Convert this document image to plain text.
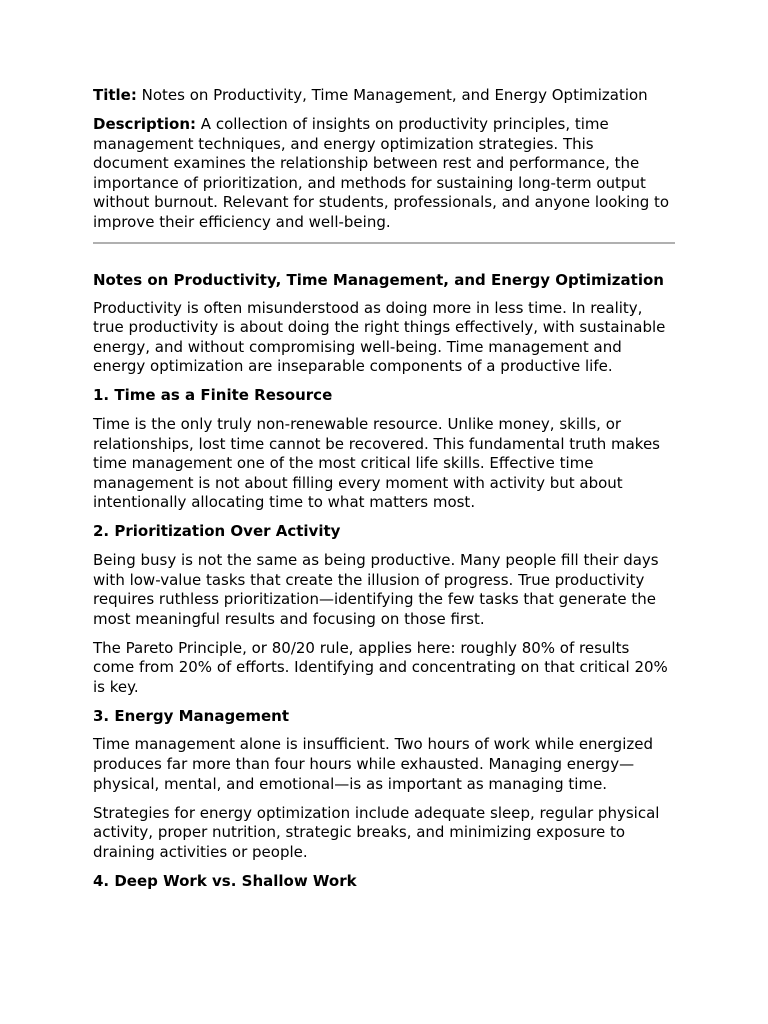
Title: Notes on Productivity, Time Management, and Energy Optimization

Description: A collection of insights on productivity principles, time management techniques, and energy optimization strategies. This document examines the relationship between rest and performance, the importance of prioritization, and methods for sustaining long-term output without burnout. Relevant for students, professionals, and anyone looking to improve their efficiency and well-being.

Notes on Productivity, Time Management, and Energy Optimization

Productivity is often misunderstood as doing more in less time. In reality, true productivity is about doing the right things effectively, with sustainable energy, and without compromising well-being. Time management and energy optimization are inseparable components of a productive life.

1. Time as a Finite Resource

Time is the only truly non-renewable resource. Unlike money, skills, or relationships, lost time cannot be recovered. This fundamental truth makes time management one of the most critical life skills. Effective time management is not about filling every moment with activity but about intentionally allocating time to what matters most.

2. Prioritization Over Activity

Being busy is not the same as being productive. Many people fill their days with low-value tasks that create the illusion of progress. True productivity requires ruthless prioritization—identifying the few tasks that generate the most meaningful results and focusing on those first.

The Pareto Principle, or 80/20 rule, applies here: roughly 80% of results come from 20% of efforts. Identifying and concentrating on that critical 20% is key.

3. Energy Management

Time management alone is insufficient. Two hours of work while energized produces far more than four hours while exhausted. Managing energy—physical, mental, and emotional—is as important as managing time.

Strategies for energy optimization include adequate sleep, regular physical activity, proper nutrition, strategic breaks, and minimizing exposure to draining activities or people.

4. Deep Work vs. Shallow Work
